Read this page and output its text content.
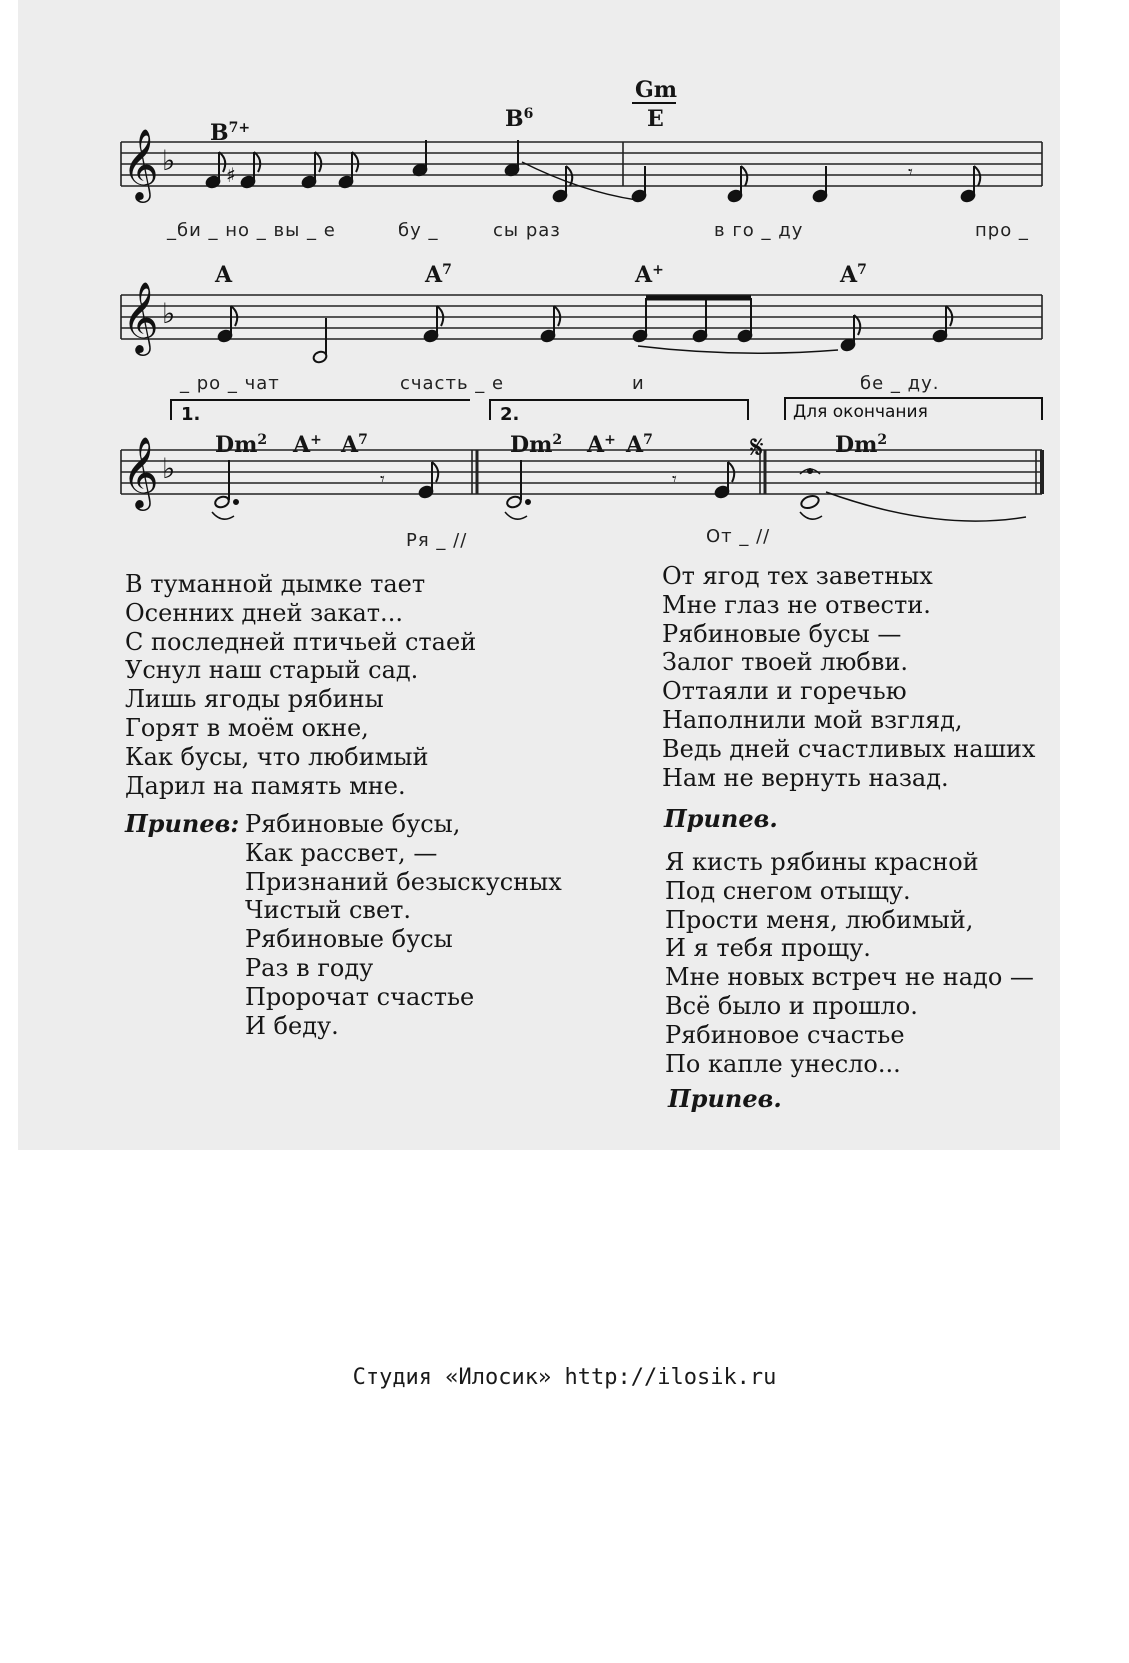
𝄞 ♭	♯	𝄾
$B^{7+}$	$B^6$
Gm
E
_би _ но _ вы _ е	бу _	сы раз	в го _ ду	про _
𝄞 ♭
A	$A^7$	A+	$A^7$
_ ро _ чат	счасть _ е	и	бе _ ду.
1.	2.	Для окончания
𝄞 ♭
𝄋
𝄾	𝄾
Dm$^2$ A+ $A^7$	Dm$^2$ A+ $A^7$	Dm$^2$
Ря _ //	От _ //
В туманной дымке тает
Осенних дней закат...
С последней птичьей стаей
Уснул наш старый сад.
Лишь ягоды рябины
Горят в моём окне,
Как бусы, что любимый
Дарил на память мне.
Припев: Рябиновые бусы,
Как рассвет, —
Признаний безыскусных
Чистый свет.
Рябиновые бусы
Раз в году
Пророчат счастье
И беду.
От ягод тех заветных
Мне глаз не отвести.
Рябиновые бусы —
Залог твоей любви.
Оттаяли и горечью
Наполнили мой взгляд,
Ведь дней счастливых наших
Нам не вернуть назад.
Припев.
Я кисть рябины красной
Под снегом отыщу.
Прости меня, любимый,
И я тебя прощу.
Мне новых встреч не надо —
Всё было и прошло.
Рябиновое счастье
По капле унесло...
Припев.
Студия «Илосик» http://ilosik.ru
